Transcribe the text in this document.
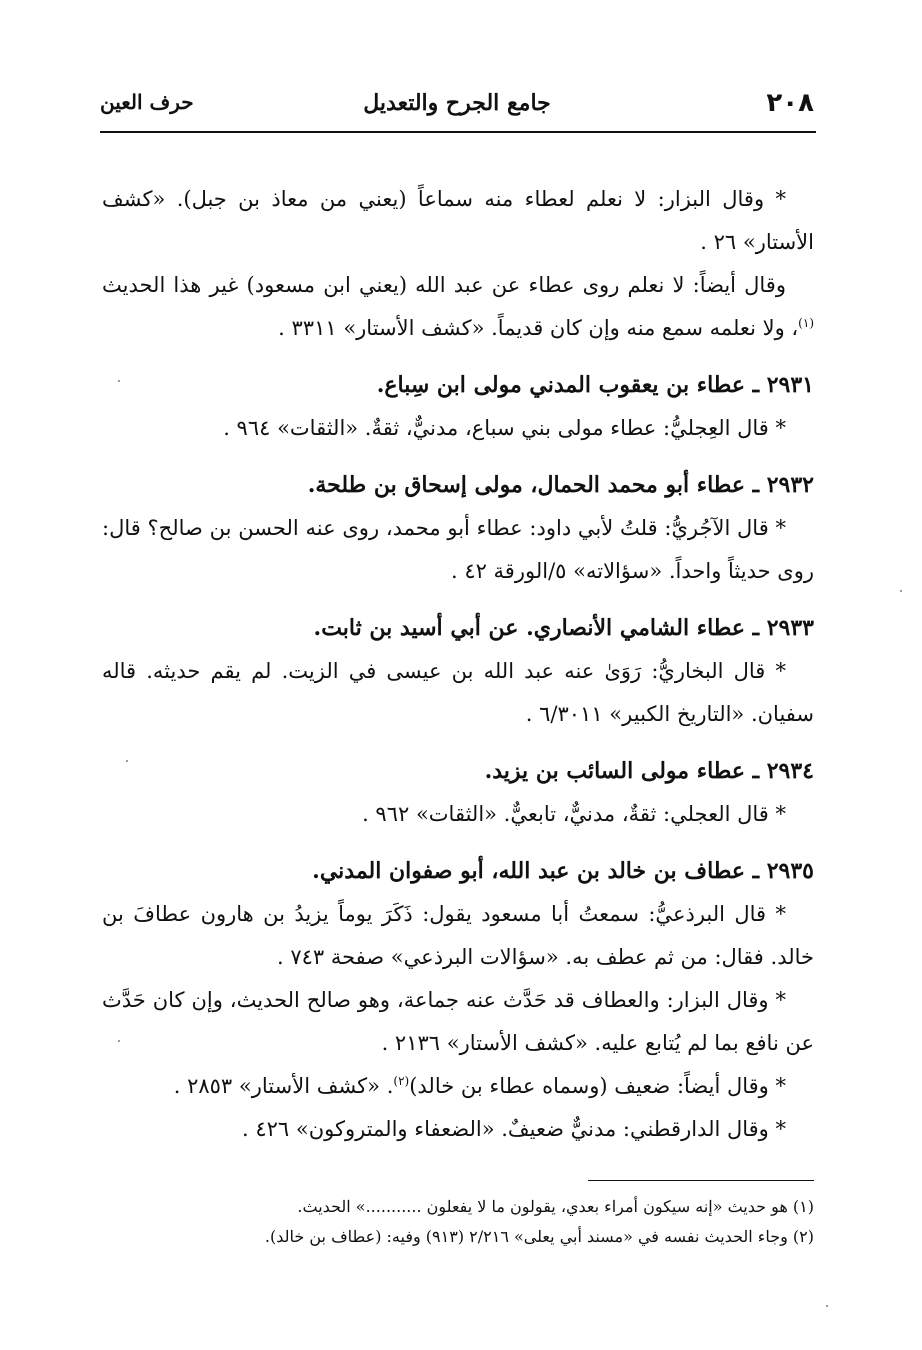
٢٠٨
جامع الجرح والتعديل
حرف العين

* وقال البزار: لا نعلم لعطاء منه سماعاً (يعني من معاذ بن جبل). «كشف الأستار» ٢٦ .

وقال أيضاً: لا نعلم روى عطاء عن عبد الله (يعني ابن مسعود) غير هذا الحديث $^{(١)}$، ولا نعلمه سمع منه وإن كان قديماً. «كشف الأستار» ٣٣١١ .

٢٩٣١ ـ عطاء بن يعقوب المدني مولى ابن سِباع.

* قال العِجليُّ: عطاء مولى بني سباع، مدنيٌّ، ثقةٌ. «الثقات» ٩٦٤ .

٢٩٣٢ ـ عطاء أبو محمد الحمال، مولى إسحاق بن طلحة.

* قال الآجُريُّ: قلتُ لأبي داود: عطاء أبو محمد، روى عنه الحسن بن صالح؟ قال: روى حديثاً واحداً. «سؤالاته» ٥/الورقة ٤٢ .

٢٩٣٣ ـ عطاء الشامي الأنصاري. عن أبي أسيد بن ثابت.

* قال البخاريُّ: رَوَىٰ عنه عبد الله بن عيسى في الزيت. لم يقم حديثه. قاله سفيان. «التاريخ الكبير» ٦/٣٠١١ .

٢٩٣٤ ـ عطاء مولى السائب بن يزيد.

* قال العجلي: ثقةٌ، مدنيٌّ، تابعيٌّ. «الثقات» ٩٦٢ .

٢٩٣٥ ـ عطاف بن خالد بن عبد الله، أبو صفوان المدني.

* قال البرذعيُّ: سمعتُ أبا مسعود يقول: ذَكَرَ يوماً يزيدُ بن هارون عطافَ بن خالد. فقال: من ثم عطف به. «سؤالات البرذعي» صفحة ٧٤٣ .

* وقال البزار: والعطاف قد حَدَّث عنه جماعة، وهو صالح الحديث، وإن كان حَدَّث عن نافع بما لم يُتابع عليه. «كشف الأستار» ٢١٣٦ .

* وقال أيضاً: ضعيف (وسماه عطاء بن خالد)$^{(٢)}$. «كشف الأستار» ٢٨٥٣ .

* وقال الدارقطني: مدنيٌّ ضعيفٌ. «الضعفاء والمتروكون» ٤٢٦ .

(١) هو حديث «إنه سيكون أمراء بعدي، يقولون ما لا يفعلون ...........» الحديث.

(٢) وجاء الحديث نفسه في «مسند أبي يعلى» ٢/٢١٦ (٩١٣) وفيه: (عطاف بن خالد).
